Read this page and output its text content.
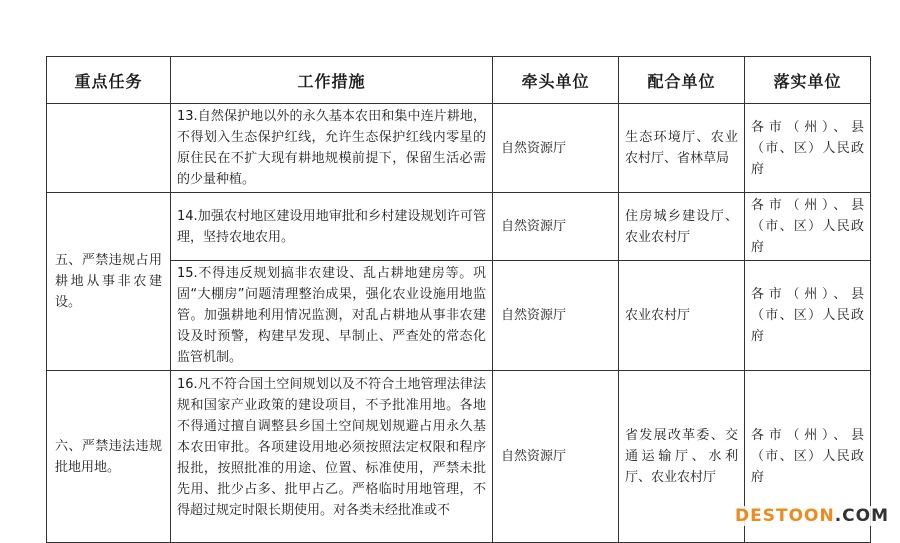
重点任务	工作措施	牵头单位	配合单位	落实单位

	13.自然保护地以外的永久基本农田和集中连片耕地，不得划入生态保护红线，允许生态保护红线内零星的原住民在不扩大现有耕地规模前提下，保留生活必需的少量种植。	自然资源厅	生态环境厅、农业农村厅、省林草局	各市（州）、县（市、区）人民政府

五、严禁违规占用耕地从事非农建设。	14.加强农村地区建设用地审批和乡村建设规划许可管理，坚持农地农用。	自然资源厅	住房城乡建设厅、农业农村厅	各市（州）、县（市、区）人民政府

	15.不得违反规划搞非农建设、乱占耕地建房等。巩固“大棚房”问题清理整治成果，强化农业设施用地监管。加强耕地利用情况监测，对乱占耕地从事非农建设及时预警，构建早发现、早制止、严查处的常态化监管机制。	自然资源厅	农业农村厅	各市（州）、县（市、区）人民政府

六、严禁违法违规批地用地。	16.凡不符合国土空间规划以及不符合土地管理法律法规和国家产业政策的建设项目，不予批准用地。各地不得通过擅自调整县乡国土空间规划规避占用永久基本农田审批。各项建设用地必须按照法定权限和程序报批，按照批准的用途、位置、标准使用，严禁未批先用、批少占多、批甲占乙。严格临时用地管理，不得超过规定时限长期使用。对各类未经批准或不	自然资源厅	省发展改革委、交通运输厅、水利厅、农业农村厅	各市（州）、县（市、区）人民政府
DESTOON.COM
